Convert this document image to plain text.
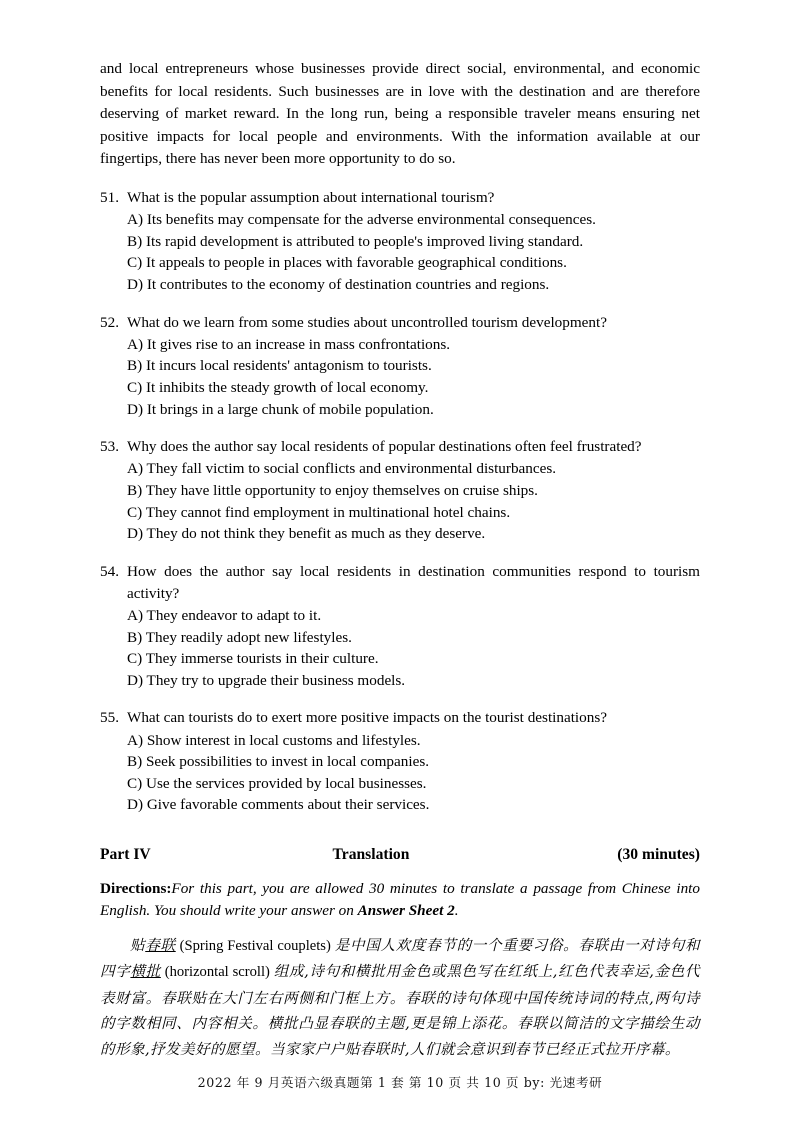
and local entrepreneurs whose businesses provide direct social, environmental, and economic benefits for local residents. Such businesses are in love with the destination and are therefore deserving of market reward. In the long run, being a responsible traveler means ensuring net positive impacts for local people and environments. With the information available at our fingertips, there has never been more opportunity to do so.

51. What is the popular assumption about international tourism?

A) Its benefits may compensate for the adverse environmental consequences.

B) Its rapid development is attributed to people's improved living standard.

C) It appeals to people in places with favorable geographical conditions.

D) It contributes to the economy of destination countries and regions.

52. What do we learn from some studies about uncontrolled tourism development?

A) It gives rise to an increase in mass confrontations.

B) It incurs local residents' antagonism to tourists.

C) It inhibits the steady growth of local economy.

D) It brings in a large chunk of mobile population.

53. Why does the author say local residents of popular destinations often feel frustrated?

A) They fall victim to social conflicts and environmental disturbances.

B) They have little opportunity to enjoy themselves on cruise ships.

C) They cannot find employment in multinational hotel chains.

D) They do not think they benefit as much as they deserve.

54. How does the author say local residents in destination communities respond to tourism activity?

A) They endeavor to adapt to it.

B) They readily adopt new lifestyles.

C) They immerse tourists in their culture.

D) They try to upgrade their business models.

55. What can tourists do to exert more positive impacts on the tourist destinations?

A) Show interest in local customs and lifestyles.

B) Seek possibilities to invest in local companies.

C) Use the services provided by local businesses.

D) Give favorable comments about their services.

Part IV	Translation	(30 minutes)

Directions:For this part, you are allowed 30 minutes to translate a passage from Chinese into English. You should write your answer on Answer Sheet 2.

贴春联 (Spring Festival couplets) 是中国人欢度春节的一个重要习俗。春联由一对诗句和四字横批 (horizontal scroll) 组成,诗句和横批用金色或黑色写在红纸上,红色代表幸运,金色代表财富。春联贴在大门左右两侧和门框上方。春联的诗句体现中国传统诗词的特点,两句诗的字数相同、内容相关。横批凸显春联的主题,更是锦上添花。春联以简洁的文字描绘生动的形象,抒发美好的愿望。当家家户户贴春联时,人们就会意识到春节已经正式拉开序幕。

2022 年 9 月英语六级真题第 1 套 第 10 页 共 10 页 by: 光速考研
